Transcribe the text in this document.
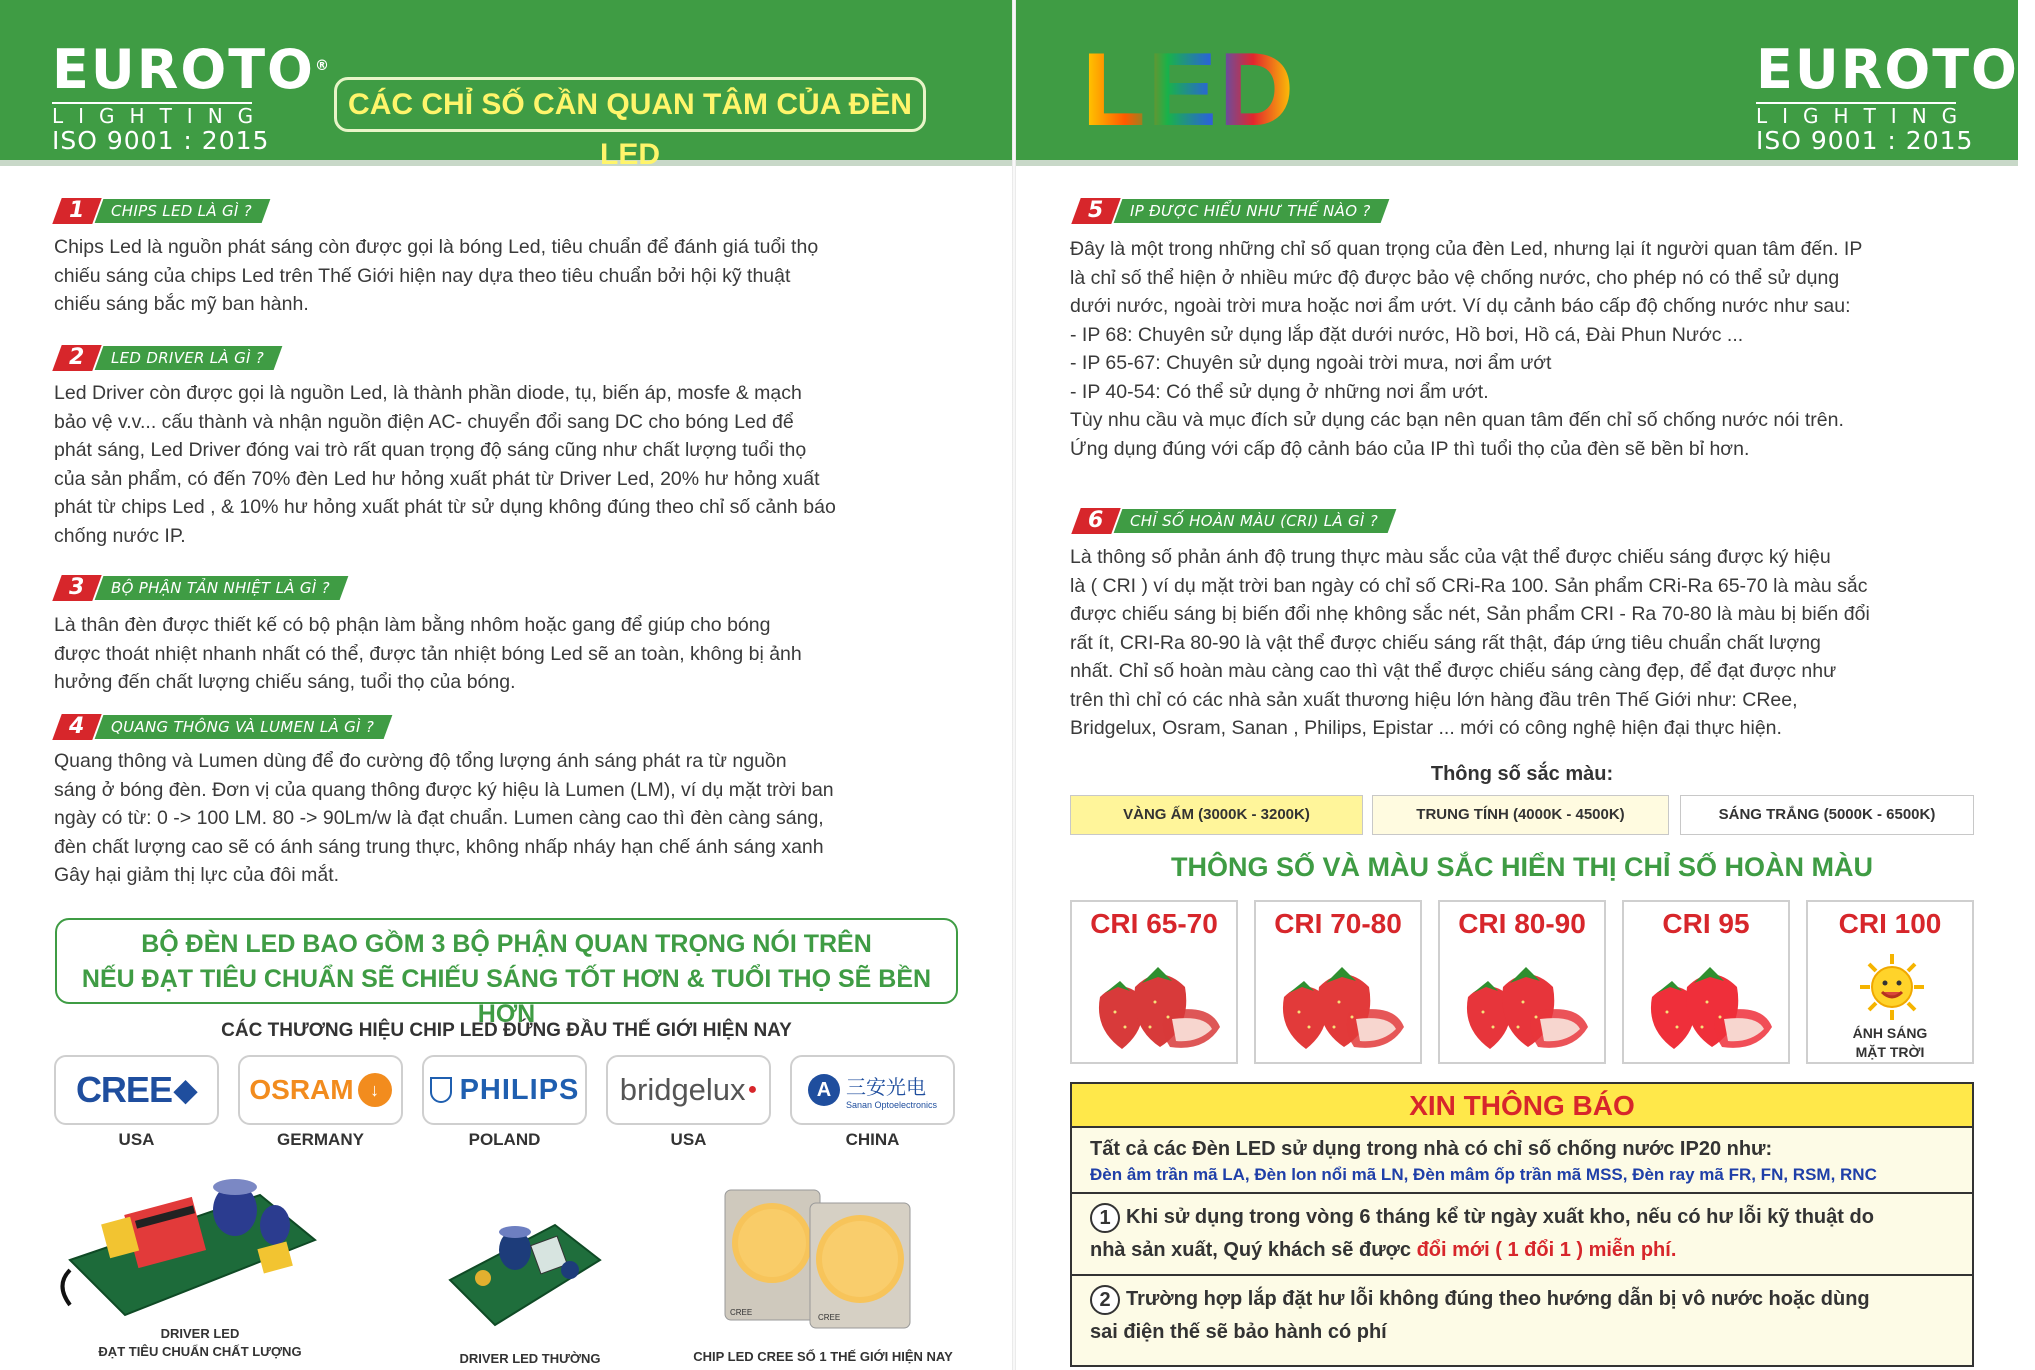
EUROTO ®
LIGHTING
ISO 9001 : 2015
CÁC CHỈ SỐ CẦN QUAN TÂM CỦA ĐÈN LED
LED	EUROTO ®
LIGHTING
ISO 9001 : 2015
1	CHIPS LED LÀ GÌ ?

Chips Led là nguồn phát sáng còn được gọi là bóng Led, tiêu chuẩn để đánh giá tuổi thọ

chiếu sáng của chips Led trên Thế Giới hiện nay dựa theo tiêu chuẩn bởi hội kỹ thuật

chiếu sáng bắc mỹ ban hành.

2	LED DRIVER LÀ GÌ ?

Led Driver còn được gọi là nguồn Led, là thành phần diode, tụ, biến áp, mosfe & mạch

bảo vệ v.v... cấu thành và nhận nguồn điện AC- chuyển đổi sang DC cho bóng Led để

phát sáng, Led Driver đóng vai trò rất quan trọng độ sáng cũng như chất lượng tuổi thọ

của sản phẩm, có đến 70% đèn Led hư hỏng xuất phát từ Driver Led, 20% hư hỏng xuất

phát từ chips Led , & 10% hư hỏng xuất phát từ sử dụng không đúng theo chỉ số cảnh báo

chống nước IP.

3	BỘ PHẬN TẢN NHIỆT LÀ GÌ ?

Là thân đèn được thiết kế có bộ phận làm bằng nhôm hoặc gang để giúp cho bóng

được thoát nhiệt nhanh nhất có thể, được tản nhiệt bóng Led sẽ an toàn, không bị ảnh

hưởng đến chất lượng chiếu sáng, tuổi thọ của bóng.

4	QUANG THÔNG VÀ LUMEN LÀ GÌ ?

Quang thông và Lumen dùng để đo cường độ tổng lượng ánh sáng phát ra từ nguồn

sáng ở bóng đèn. Đơn vị của quang thông được ký hiệu là Lumen (LM), ví dụ mặt trời ban

ngày có từ: 0 -> 100 LM. 80 -> 90Lm/w là đạt chuẩn. Lumen càng cao thì đèn càng sáng,

đèn chất lượng cao sẽ có ánh sáng trung thực, không nhấp nháy hạn chế ánh sáng xanh

Gây hại giảm thị lực của đôi mắt.

BỘ ĐÈN LED BAO GỒM 3 BỘ PHẬN QUAN TRỌNG NÓI TRÊN
NẾU ĐẠT TIÊU CHUẨN SẼ CHIẾU SÁNG TỐT HƠN & TUỔI THỌ SẼ BỀN HƠN
CÁC THƯƠNG HIỆU CHIP LED ĐỨNG ĐẦU THẾ GIỚI HIỆN NAY
CREE ◆
USA
OSRAM ↓
GERMANY
PHILIPS
POLAND
bridgelux ●
USA
A 三安光电
Sanan Optoelectronics
CHINA
DRIVER LED
ĐẠT TIÊU CHUẨN CHẤT LƯỢNG	DRIVER LED THƯỜNG
CREE
CREE
CHIP LED CREE SỐ 1 THẾ GIỚI HIỆN NAY
5	IP ĐƯỢC HIỂU NHƯ THẾ NÀO ?

Đây là một trong những chỉ số quan trọng của đèn Led, nhưng lại ít người quan tâm đến. IP

là chỉ số thể hiện ở nhiều mức độ được bảo vệ chống nước, cho phép nó có thể sử dụng

dưới nước, ngoài trời mưa hoặc nơi ẩm ướt. Ví dụ cảnh báo cấp độ chống nước như sau:

- IP 68: Chuyên sử dụng lắp đặt dưới nước, Hồ bơi, Hồ cá, Đài Phun Nước ...

- IP 65-67: Chuyên sử dụng ngoài trời mưa, nơi ẩm ướt

- IP 40-54: Có thể sử dụng ở những nơi ẩm ướt.

Tùy nhu cầu và mục đích sử dụng các bạn nên quan tâm đến chỉ số chống nước nói trên.

Ứng dụng đúng với cấp độ cảnh báo của IP thì tuổi thọ của đèn sẽ bền bỉ hơn.

6	CHỈ SỐ HOÀN MÀU (CRI) LÀ GÌ ?

Là thông số phản ánh độ trung thực màu sắc của vật thể được chiếu sáng được ký hiệu

là ( CRI ) ví dụ mặt trời ban ngày có chỉ số CRi-Ra 100. Sản phẩm CRi-Ra 65-70 là màu sắc

được chiếu sáng bị biến đổi nhẹ không sắc nét, Sản phẩm CRI - Ra 70-80 là màu bị biến đổi

rất ít, CRI-Ra 80-90 là vật thể được chiếu sáng rất thật, đáp ứng tiêu chuẩn chất lượng

nhất. Chỉ số hoàn màu càng cao thì vật thể được chiếu sáng càng đẹp, để đạt được như

trên thì chỉ có các nhà sản xuất thương hiệu lớn hàng đầu trên Thế Giới như: CRee,

Bridgelux, Osram, Sanan , Philips, Epistar ... mới có công nghệ hiện đại thực hiện.

Thông số sắc màu:
VÀNG ẤM (3000K - 3200K)	TRUNG TÍNH (4000K - 4500K)	SÁNG TRẮNG (5000K - 6500K)
THÔNG SỐ VÀ MÀU SẮC HIỂN THỊ CHỈ SỐ HOÀN MÀU
CRI 65-70	CRI 70-80	CRI 80-90	CRI 95	CRI 100
ÁNH SÁNG
MẶT TRỜI
XIN THÔNG BÁO
Tất cả các Đèn LED sử dụng trong nhà có chỉ số chống nước IP20 như:
Đèn âm trần mã LA, Đèn lon nổi mã LN, Đèn mâm ốp trần mã MSS, Đèn ray mã FR, FN, RSM, RNC
1 Khi sử dụng trong vòng 6 tháng kể từ ngày xuất kho, nếu có hư lỗi kỹ thuật do
nhà sản xuất, Quý khách sẽ được đổi mới ( 1 đổi 1 ) miễn phí.
2 Trường hợp lắp đặt hư lỗi không đúng theo hướng dẫn bị vô nước hoặc dùng
sai điện thế sẽ bảo hành có phí
